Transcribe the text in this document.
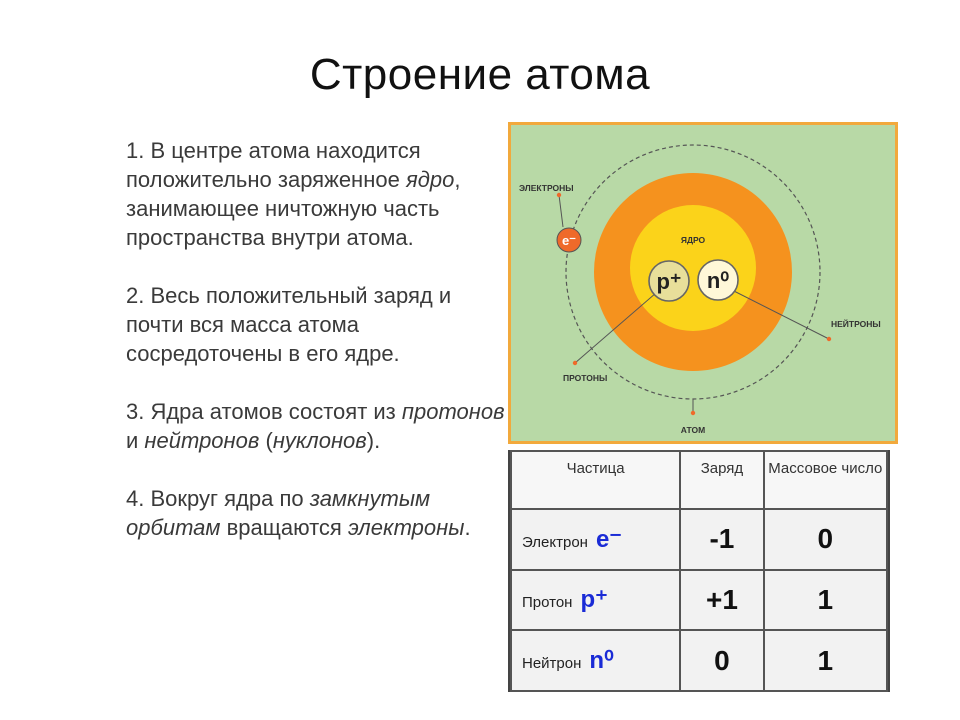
Строение атома
1. В центре атома находится положительно заряженное ядро, занимающее ничтожную часть пространства внутри атома.
2. Весь положительный заряд и почти вся масса атома сосредоточены в его ядре.
3. Ядра атомов состоят из протонов и нейтронов (нуклонов).
4. Вокруг ядра по замкнутым орбитам вращаются электроны.
p⁺ n⁰
e⁻
ЭЛЕКТРОНЫ
ЯДРО
НЕЙТРОНЫ
ПРОТОНЫ
АТОМ
Частица	Заряд	Массовое число
Электрон e⁻	-1	0
Протон p⁺	+1	1
Нейтрон n⁰	0	1
